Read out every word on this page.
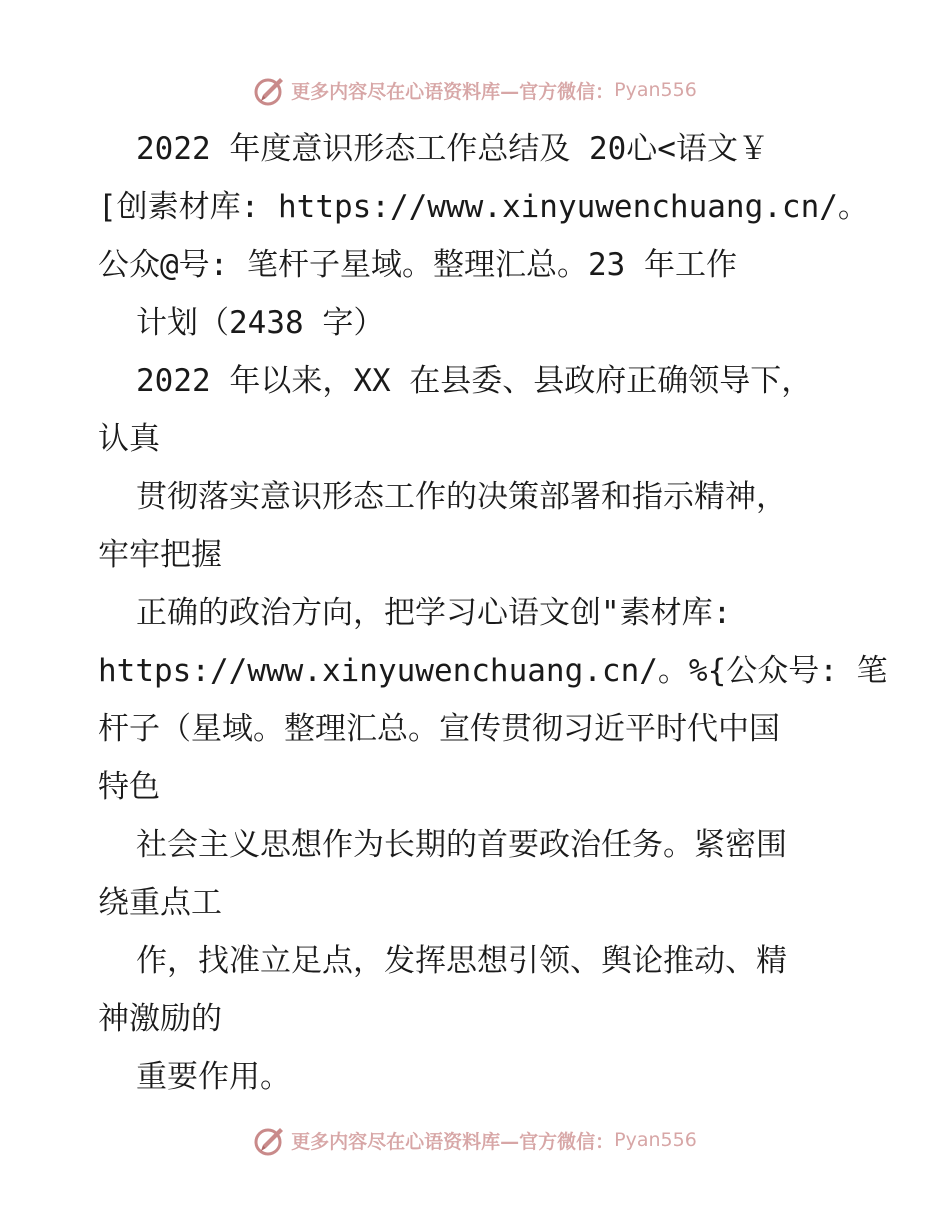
更多内容尽在心语资料库—官方微信： Pyan556
2022 年度意识形态工作总结及 20心<语文￥
[创素材库: https://www.xinyuwenchuang.cn/。
公众@号: 笔杆子星域。整理汇总。23 年工作
计划（2438 字）
2022 年以来，XX 在县委、县政府正确领导下，
认真
贯彻落实意识形态工作的决策部署和指示精神，
牢牢把握
正确的政治方向，把学习心语文创"素材库:
https://www.xinyuwenchuang.cn/。%{公众号: 笔
杆子（星域。整理汇总。宣传贯彻习近平时代中国
特色
社会主义思想作为长期的首要政治任务。紧密围
绕重点工
作，找准立足点，发挥思想引领、舆论推动、精
神激励的
重要作用。
更多内容尽在心语资料库—官方微信： Pyan556
